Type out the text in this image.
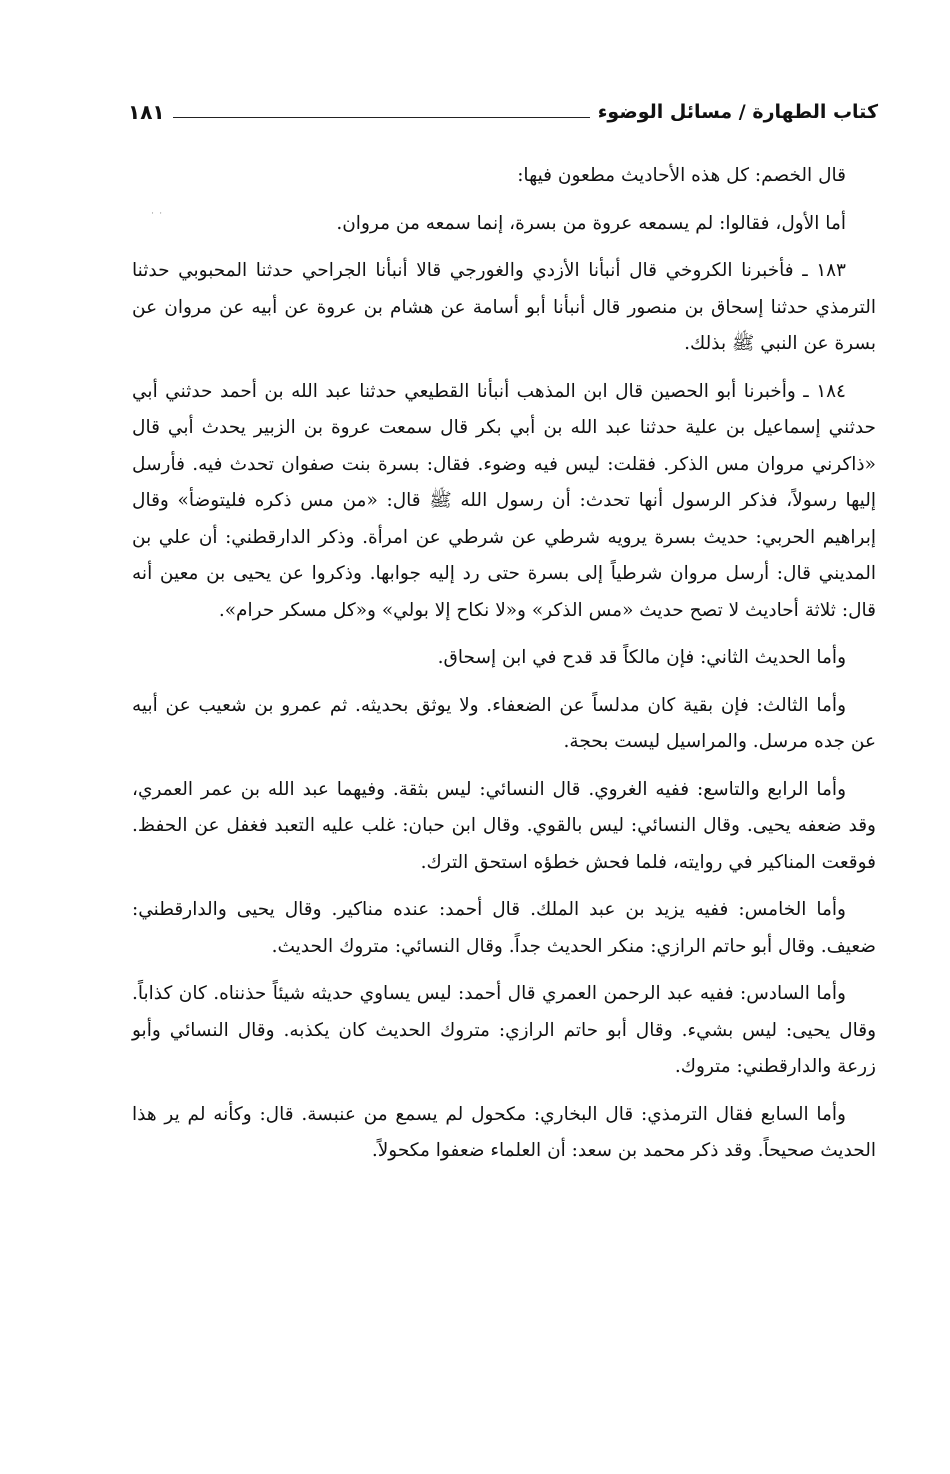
كتاب الطهارة / مسائل الوضوء
١٨١

قال الخصم: كل هذه الأحاديث مطعون فيها:

أما الأول، فقالوا: لم يسمعه عروة من بسرة، إنما سمعه من مروان.

١٨٣ ـ فأخبرنا الكروخي قال أنبأنا الأزدي والغورجي قالا أنبأنا الجراحي حدثنا المحبوبي حدثنا الترمذي حدثنا إسحاق بن منصور قال أنبأنا أبو أسامة عن هشام بن عروة عن أبيه عن مروان عن بسرة عن النبي ﷺ بذلك.

١٨٤ ـ وأخبرنا أبو الحصين قال ابن المذهب أنبأنا القطيعي حدثنا عبد الله بن أحمد حدثني أبي حدثني إسماعيل بن علية حدثنا عبد الله بن أبي بكر قال سمعت عروة بن الزبير يحدث أبي قال «ذاكرني مروان مس الذكر. فقلت: ليس فيه وضوء. فقال: بسرة بنت صفوان تحدث فيه. فأرسل إليها رسولاً، فذكر الرسول أنها تحدث: أن رسول الله ﷺ قال: «من مس ذكره فليتوضأ» وقال إبراهيم الحربي: حديث بسرة يرويه شرطي عن شرطي عن امرأة. وذكر الدارقطني: أن علي بن المديني قال: أرسل مروان شرطياً إلى بسرة حتى رد إليه جوابها. وذكروا عن يحيى بن معين أنه قال: ثلاثة أحاديث لا تصح حديث «مس الذكر» و«لا نكاح إلا بولي» و«كل مسكر حرام».

وأما الحديث الثاني: فإن مالكاً قد قدح في ابن إسحاق.

وأما الثالث: فإن بقية كان مدلساً عن الضعفاء. ولا يوثق بحديثه. ثم عمرو بن شعيب عن أبيه عن جده مرسل. والمراسيل ليست بحجة.

وأما الرابع والتاسع: ففيه الغروي. قال النسائي: ليس بثقة. وفيهما عبد الله بن عمر العمري، وقد ضعفه يحيى. وقال النسائي: ليس بالقوي. وقال ابن حبان: غلب عليه التعبد فغفل عن الحفظ. فوقعت المناكير في روايته، فلما فحش خطؤه استحق الترك.

وأما الخامس: ففيه يزيد بن عبد الملك. قال أحمد: عنده مناكير. وقال يحيى والدارقطني: ضعيف. وقال أبو حاتم الرازي: منكر الحديث جداً. وقال النسائي: متروك الحديث.

وأما السادس: ففيه عبد الرحمن العمري قال أحمد: ليس يساوي حديثه شيئاً حذنناه. كان كذاباً. وقال يحيى: ليس بشيء. وقال أبو حاتم الرازي: متروك الحديث كان يكذبه. وقال النسائي وأبو زرعة والدارقطني: متروك.

وأما السابع فقال الترمذي: قال البخاري: مكحول لم يسمع من عنبسة. قال: وكأنه لم ير هذا الحديث صحيحاً. وقد ذكر محمد بن سعد: أن العلماء ضعفوا مكحولاً.

˙ ˙
